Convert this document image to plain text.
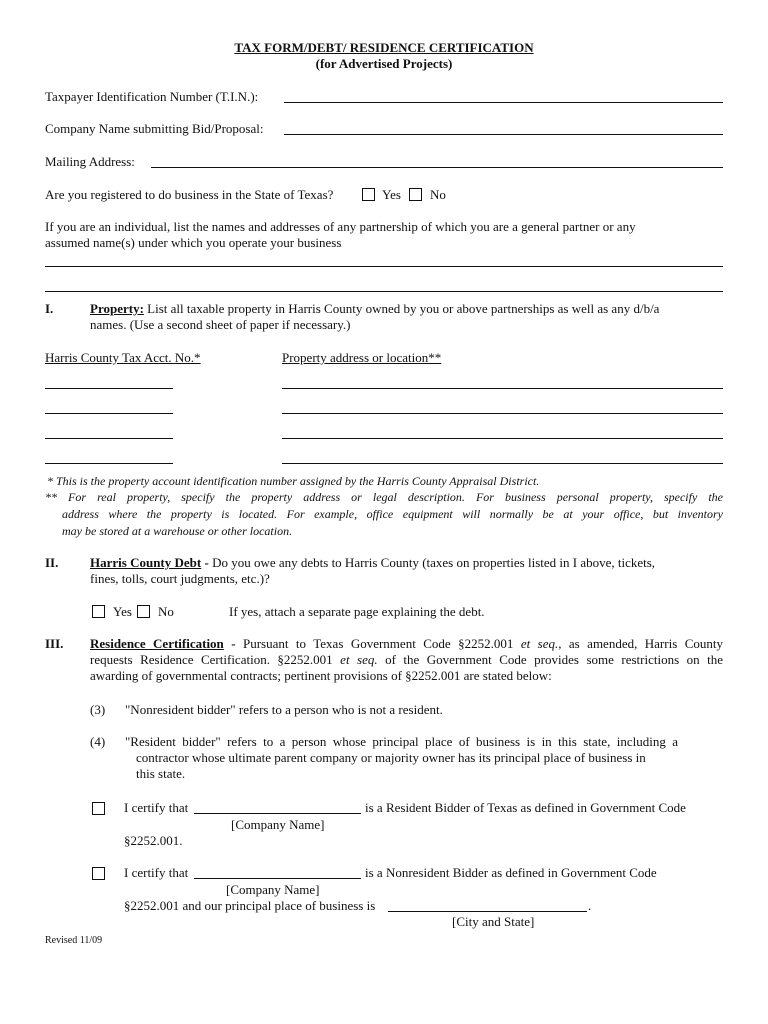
TAX FORM/DEBT/ RESIDENCE CERTIFICATION
(for Advertised Projects)
Taxpayer Identification Number (T.I.N.):
Company Name submitting Bid/Proposal:
Mailing Address:
Are you registered to do business in the State of Texas?	Yes No
If you are an individual, list the names and addresses of any partnership of which you are a general partner or any
assumed name(s) under which you operate your business
I.	Property: List all taxable property in Harris County owned by you or above partnerships as well as any d/b/a
names. (Use a second sheet of paper if necessary.)
Harris County Tax Acct. No.*	Property address or location**
* This is the property account identification number assigned by the Harris County Appraisal District.
** For real property, specify the property address or legal description. For business personal property, specify the
address where the property is located. For example, office equipment will normally be at your office, but inventory
may be stored at a warehouse or other location.
II. Harris County Debt - Do you owe any debts to Harris County (taxes on properties listed in I above, tickets,
fines, tolls, court judgments, etc.)?
Yes No	If yes, attach a separate page explaining the debt.
III. Residence Certification - Pursuant to Texas Government Code §2252.001 et seq., as amended, Harris County
requests Residence Certification. §2252.001 et seq. of the Government Code provides some restrictions on the
awarding of governmental contracts; pertinent provisions of §2252.001 are stated below:
(3) "Nonresident bidder" refers to a person who is not a resident.
(4) "Resident bidder" refers to a person whose principal place of business is in this state, including a
contractor whose ultimate parent company or majority owner has its principal place of business in
this state.
I certify that	is a Resident Bidder of Texas as defined in Government Code
[Company Name]
§2252.001.
I certify that	is a Nonresident Bidder as defined in Government Code
[Company Name]
§2252.001 and our principal place of business is	.
[City and State]
Revised 11/09
